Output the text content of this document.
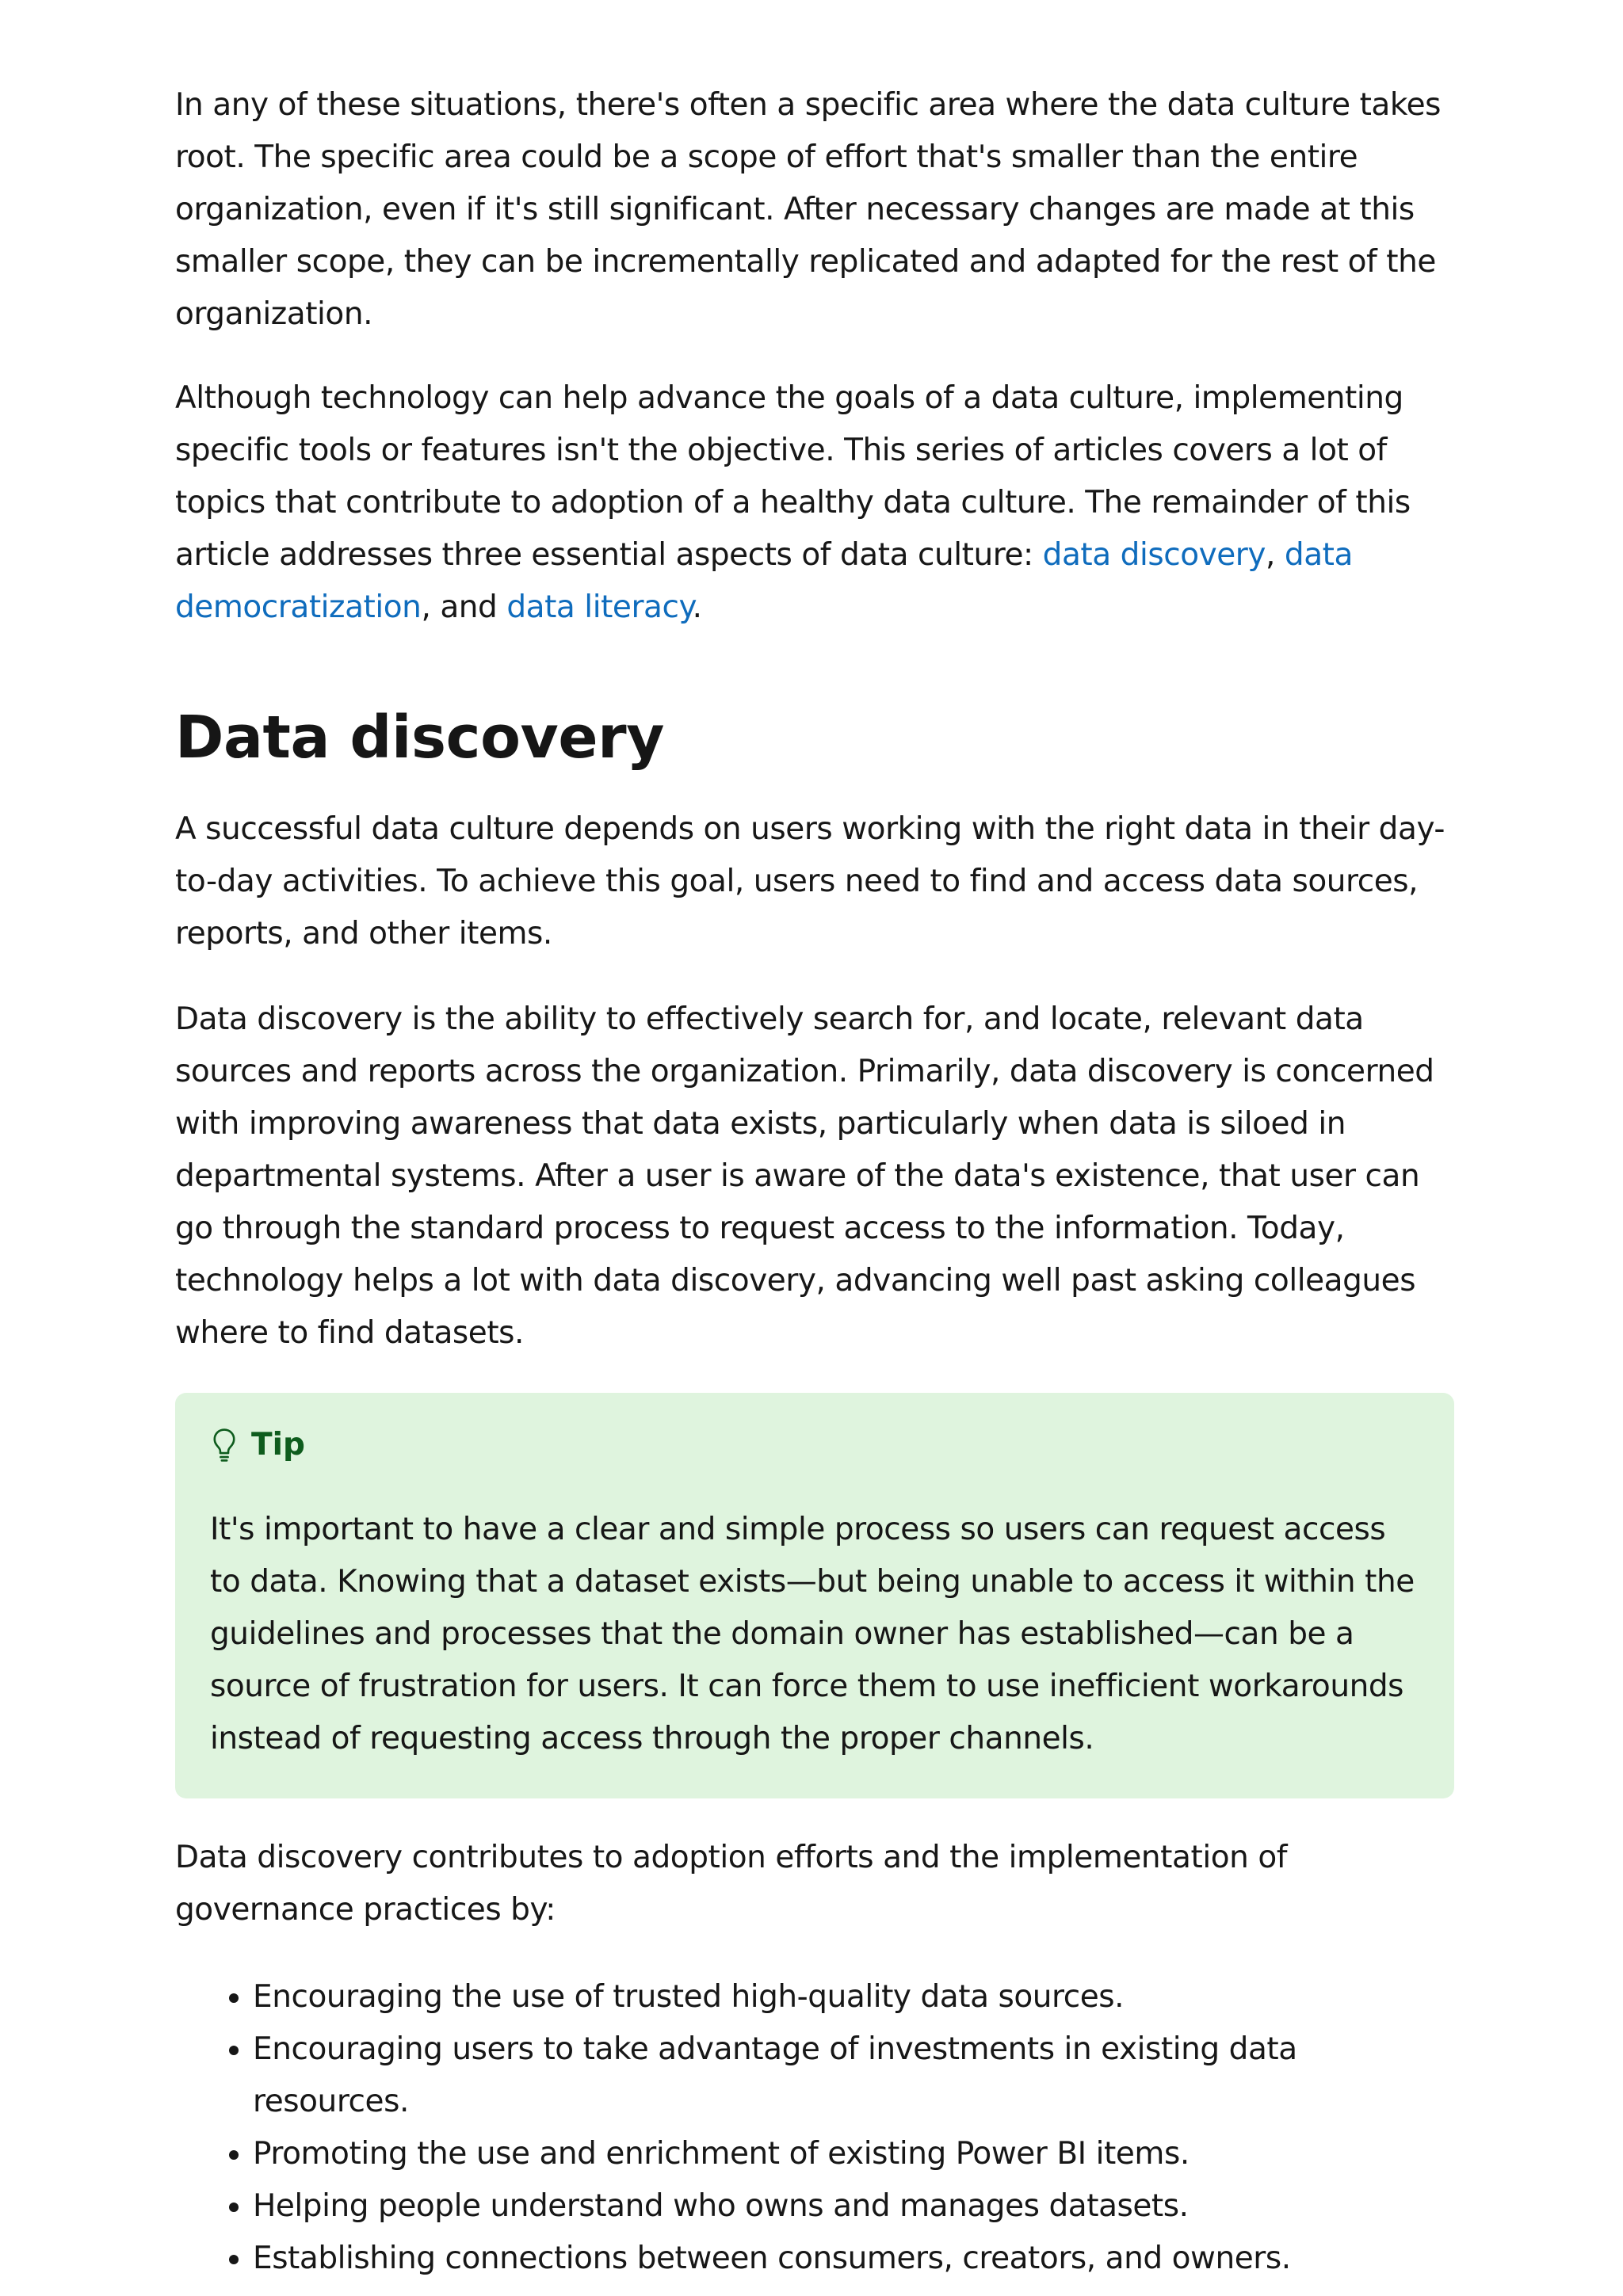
In any of these situations, there's often a specific area where the data culture takes root. The specific area could be a scope of effort that's smaller than the entire organization, even if it's still significant. After necessary changes are made at this smaller scope, they can be incrementally replicated and adapted for the rest of the organization.

Although technology can help advance the goals of a data culture, implementing specific tools or features isn't the objective. This series of articles covers a lot of topics that contribute to adoption of a healthy data culture. The remainder of this article addresses three essential aspects of data culture: data discovery, data democratization, and data literacy.

Data discovery

A successful data culture depends on users working with the right data in their day-to-day activities. To achieve this goal, users need to find and access data sources, reports, and other items.

Data discovery is the ability to effectively search for, and locate, relevant data sources and reports across the organization. Primarily, data discovery is concerned with improving awareness that data exists, particularly when data is siloed in departmental systems. After a user is aware of the data's existence, that user can go through the standard process to request access to the information. Today, technology helps a lot with data discovery, advancing well past asking colleagues where to find datasets.

Tip

It's important to have a clear and simple process so users can request access to data. Knowing that a dataset exists—but being unable to access it within the guidelines and processes that the domain owner has established—can be a source of frustration for users. It can force them to use inefficient workarounds instead of requesting access through the proper channels.

Data discovery contributes to adoption efforts and the implementation of governance practices by:

• Encouraging the use of trusted high-quality data sources.
• Encouraging users to take advantage of investments in existing data resources.
• Promoting the use and enrichment of existing Power BI items.
• Helping people understand who owns and manages datasets.
• Establishing connections between consumers, creators, and owners.
